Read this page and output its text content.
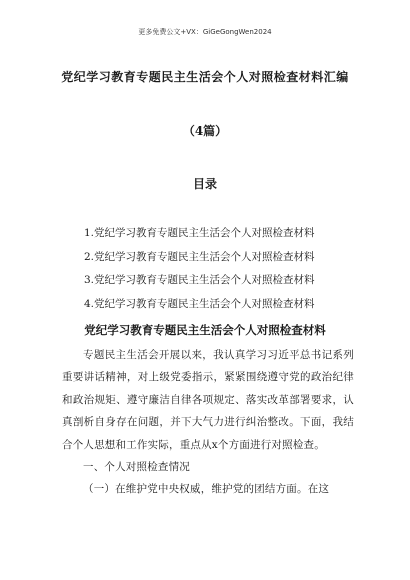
更多免费公文+VX：GiGeGongWen2024
党纪学习教育专题民主生活会个人对照检查材料汇编
（4篇）
目录
1.党纪学习教育专题民主生活会个人对照检查材料
2.党纪学习教育专题民主生活会个人对照检查材料
3.党纪学习教育专题民主生活会个人对照检查材料
4.党纪学习教育专题民主生活会个人对照检查材料
党纪学习教育专题民主生活会个人对照检查材料

专题民主生活会开展以来，我认真学习习近平总书记系列重要讲话精神，对上级党委指示，紧紧围绕遵守党的政治纪律和政治规矩、遵守廉洁自律各项规定、落实改革部署要求，认真剖析自身存在问题，并下大气力进行纠治整改。下面，我结合个人思想和工作实际，重点从x个方面进行对照检查。

一、个人对照检查情况

（一）在维护党中央权威，维护党的团结方面。在这
